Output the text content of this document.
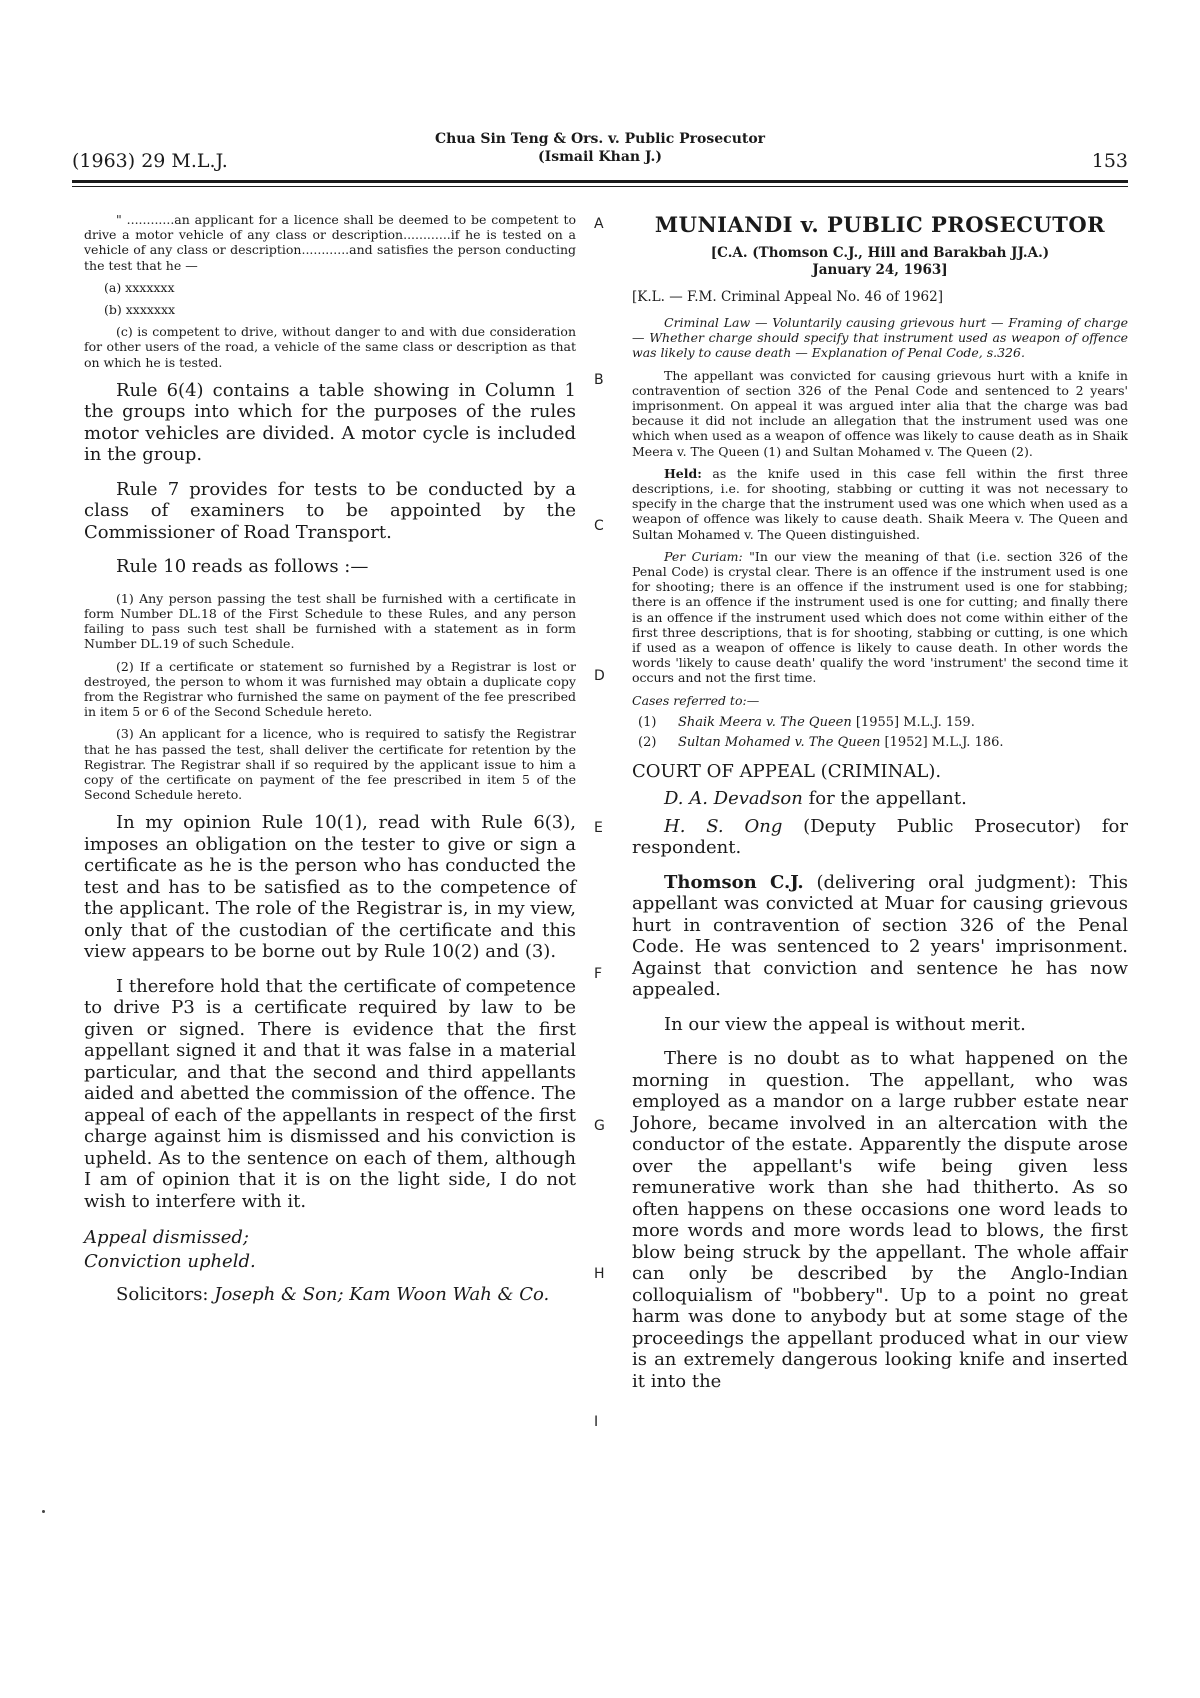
(1963) 29 M.L.J.
Chua Sin Teng & Ors. v. Public Prosecutor
(Ismail Khan J.)	153
A
B
C
D
E
F
G
H
I

" ............an applicant for a licence shall be deemed to be competent to drive a motor vehicle of any class or description............if he is tested on a vehicle of any class or description............and satisfies the person conducting the test that he —

(a) xxxxxxx

(b) xxxxxxx

(c) is competent to drive, without danger to and with due consideration for other users of the road, a vehicle of the same class or description as that on which he is tested.

Rule 6(4) contains a table showing in Column 1 the groups into which for the purposes of the rules motor vehicles are divided. A motor cycle is included in the group.

Rule 7 provides for tests to be conducted by a class of examiners to be appointed by the Commissioner of Road Transport.

Rule 10 reads as follows :—

(1) Any person passing the test shall be furnished with a certificate in form Number DL.18 of the First Schedule to these Rules, and any person failing to pass such test shall be furnished with a statement as in form Number DL.19 of such Schedule.

(2) If a certificate or statement so furnished by a Registrar is lost or destroyed, the person to whom it was furnished may obtain a duplicate copy from the Registrar who furnished the same on payment of the fee prescribed in item 5 or 6 of the Second Schedule hereto.

(3) An applicant for a licence, who is required to satisfy the Registrar that he has passed the test, shall deliver the certificate for retention by the Registrar. The Registrar shall if so required by the applicant issue to him a copy of the certificate on payment of the fee prescribed in item 5 of the Second Schedule hereto.

In my opinion Rule 10(1), read with Rule 6(3), imposes an obligation on the tester to give or sign a certificate as he is the person who has conducted the test and has to be satisfied as to the competence of the applicant. The role of the Registrar is, in my view, only that of the custodian of the certificate and this view appears to be borne out by Rule 10(2) and (3).

I therefore hold that the certificate of competence to drive P3 is a certificate required by law to be given or signed. There is evidence that the first appellant signed it and that it was false in a material particular, and that the second and third appellants aided and abetted the commission of the offence. The appeal of each of the appellants in respect of the first charge against him is dismissed and his conviction is upheld. As to the sentence on each of them, although I am of opinion that it is on the light side, I do not wish to interfere with it.

Appeal dismissed;
Conviction upheld.

Solicitors: Joseph & Son; Kam Woon Wah & Co.

MUNIANDI v. PUBLIC PROSECUTOR

[C.A. (Thomson C.J., Hill and Barakbah JJ.A.)

January 24, 1963]

[K.L. — F.M. Criminal Appeal No. 46 of 1962]

Criminal Law — Voluntarily causing grievous hurt — Framing of charge — Whether charge should specify that instrument used as weapon of offence was likely to cause death — Explanation of Penal Code, s.326.

The appellant was convicted for causing grievous hurt with a knife in contravention of section 326 of the Penal Code and sentenced to 2 years' imprisonment. On appeal it was argued inter alia that the charge was bad because it did not include an allegation that the instrument used was one which when used as a weapon of offence was likely to cause death as in Shaik Meera v. The Queen (1) and Sultan Mohamed v. The Queen (2).

Held: as the knife used in this case fell within the first three descriptions, i.e. for shooting, stabbing or cutting it was not necessary to specify in the charge that the instrument used was one which when used as a weapon of offence was likely to cause death. Shaik Meera v. The Queen and Sultan Mohamed v. The Queen distinguished.

Per Curiam: "In our view the meaning of that (i.e. section 326 of the Penal Code) is crystal clear. There is an offence if the instrument used is one for shooting; there is an offence if the instrument used is one for stabbing; there is an offence if the instrument used is one for cutting; and finally there is an offence if the instrument used which does not come within either of the first three descriptions, that is for shooting, stabbing or cutting, is one which if used as a weapon of offence is likely to cause death. In other words the words 'likely to cause death' qualify the word 'instrument' the second time it occurs and not the first time.

Cases referred to:—

(1)	Shaik Meera v. The Queen [1955] M.L.J. 159.
(2)	Sultan Mohamed v. The Queen [1952] M.L.J. 186.

COURT OF APPEAL (CRIMINAL).

D. A. Devadson for the appellant.

H. S. Ong (Deputy Public Prosecutor) for respondent.

Thomson C.J. (delivering oral judgment): This appellant was convicted at Muar for causing grievous hurt in contravention of section 326 of the Penal Code. He was sentenced to 2 years' imprisonment. Against that conviction and sentence he has now appealed.

In our view the appeal is without merit.

There is no doubt as to what happened on the morning in question. The appellant, who was employed as a mandor on a large rubber estate near Johore, became involved in an altercation with the conductor of the estate. Apparently the dispute arose over the appellant's wife being given less remunerative work than she had thitherto. As so often happens on these occasions one word leads to more words and more words lead to blows, the first blow being struck by the appellant. The whole affair can only be described by the Anglo-Indian colloquialism of "bobbery". Up to a point no great harm was done to anybody but at some stage of the proceedings the appellant produced what in our view is an extremely dangerous looking knife and inserted it into the
